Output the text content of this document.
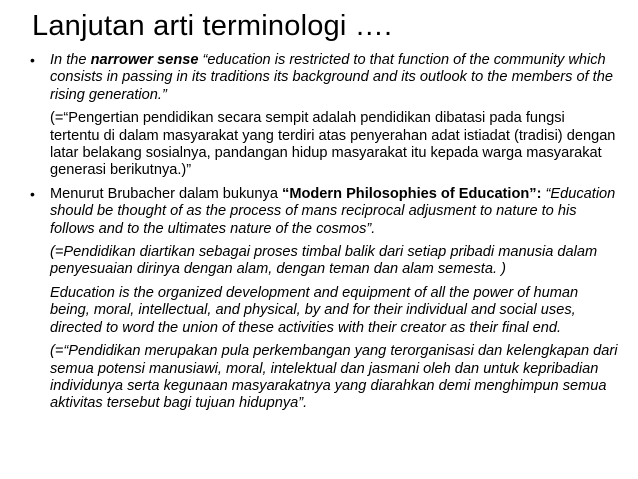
Lanjutan arti terminologi ….
• In the narrower sense “education is restricted to that function of the community which consists in passing in its traditions its background and its outlook to the members of the rising generation.”

(=“Pengertian pendidikan secara sempit adalah pendidikan dibatasi pada fungsi tertentu di dalam masyarakat yang terdiri atas penyerahan adat istiadat (tradisi) dengan latar belakang sosialnya, pandangan hidup masyarakat itu kepada warga masyarakat generasi berikutnya.)”

• Menurut Brubacher dalam bukunya “Modern Philosophies of Education”: “Education should be thought of as the process of mans reciprocal adjusment to nature to his follows and to the ultimates nature of the cosmos”.

(=Pendidikan diartikan sebagai proses timbal balik dari setiap pribadi manusia dalam penyesuaian dirinya dengan alam, dengan teman dan alam semesta. )

Education is the organized development and equipment of all the power of human being, moral, intellectual, and physical, by and for their individual and social uses, directed to word the union of these activities with their creator as their final end.

(=“Pendidikan merupakan pula perkembangan yang terorganisasi dan kelengkapan dari semua potensi manusiawi, moral, intelektual dan jasmani oleh dan untuk kepribadian individunya serta kegunaan masyarakatnya yang diarahkan demi menghimpun semua aktivitas tersebut bagi tujuan hidupnya”.
